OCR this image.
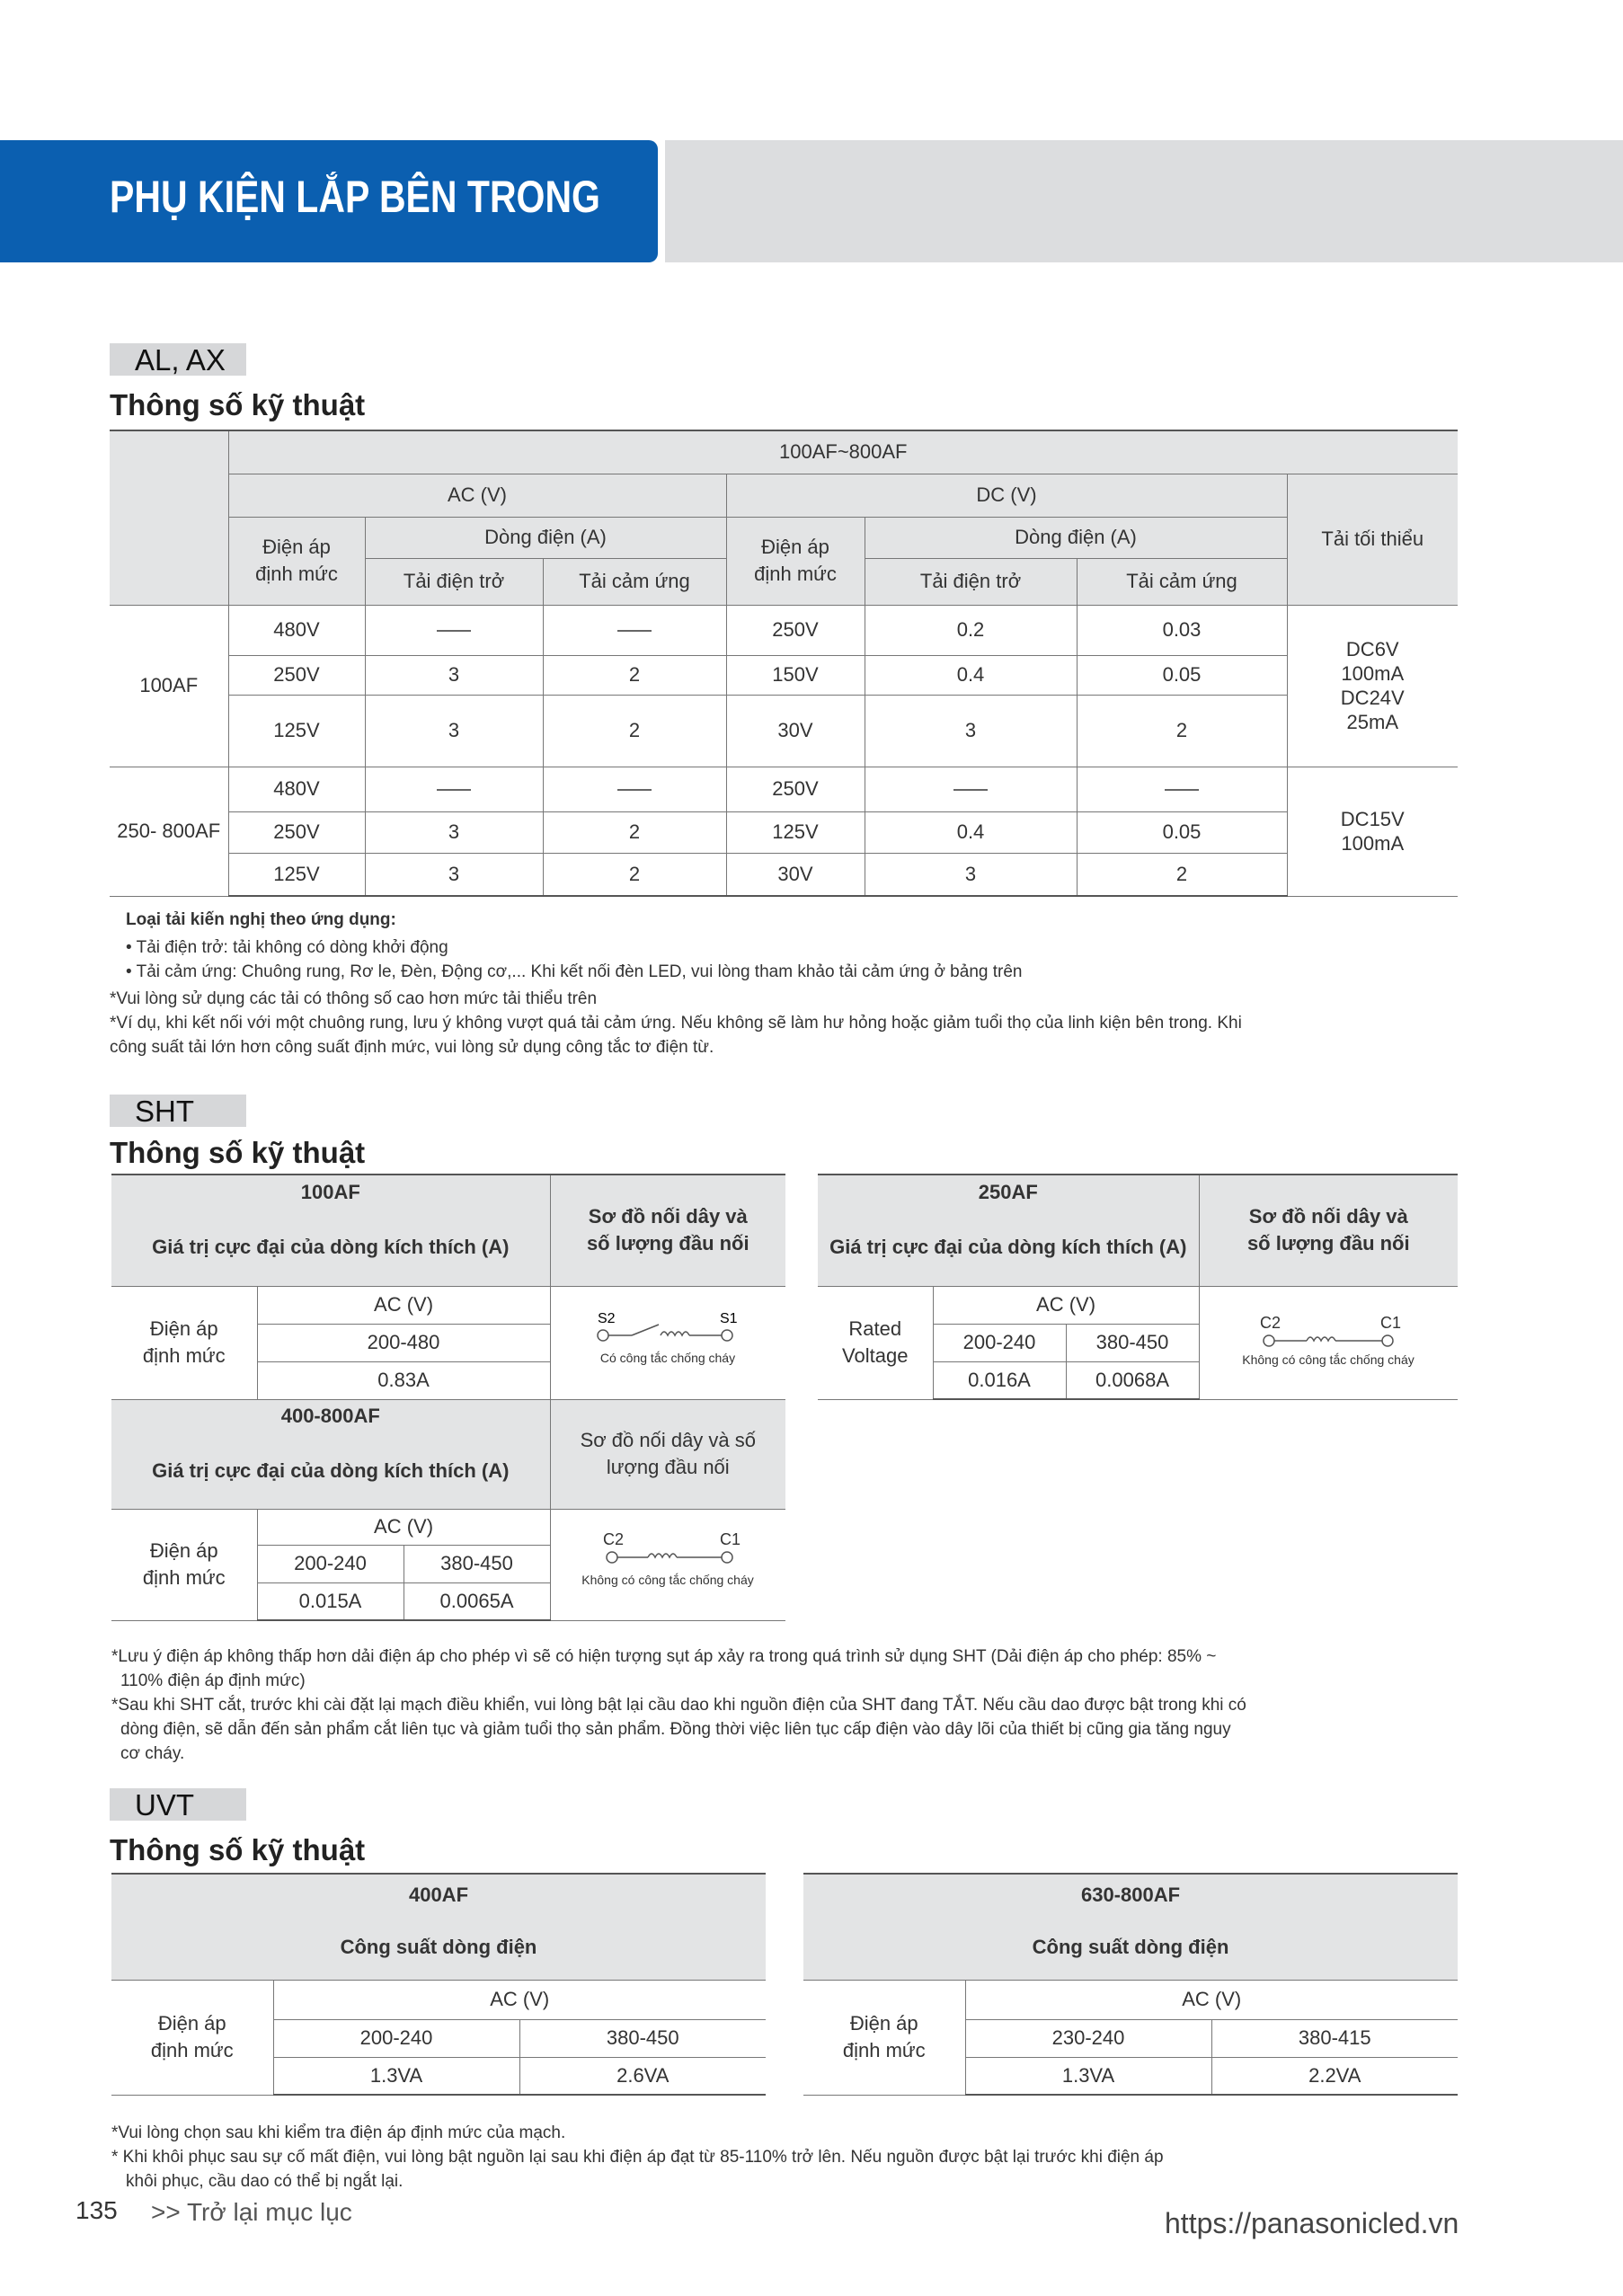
PHỤ KIỆN LẮP BÊN TRONG
AL, AX
Thông số kỹ thuật
	100AF~800AF						
	AC (V)			DC (V)			Tải tối thiểu
	Điện áp định mức	Dòng điện (A)		Điện áp định mức	Dòng điện (A)		
		Tải điện trở	Tải cảm ứng		Tải điện trở	Tải cảm ứng	
100AF	480V			250V	0.2	0.03	DC6V 100mA DC24V 25mA
	250V	3	2	150V	0.4	0.05	
	125V	3	2	30V	3	2	
250- 800AF	480V			250V			DC15V 100mA
	250V	3	2	125V	0.4	0.05	
	125V	3	2	30V	3	2	
Loại tải kiến nghị theo ứng dụng:
• Tải điện trở: tải không có dòng khởi động
• Tải cảm ứng: Chuông rung, Rơ le, Đèn, Động cơ,... Khi kết nối đèn LED, vui lòng tham khảo tải cảm ứng ở bảng trên
*Vui lòng sử dụng các tải có thông số cao hơn mức tải thiểu trên
*Ví dụ, khi kết nối với một chuông rung, lưu ý không vượt quá tải cảm ứng. Nếu không sẽ làm hư hỏng hoặc giảm tuổi thọ của linh kiện bên trong. Khi
công suất tải lớn hơn công suất định mức, vui lòng sử dụng công tắc tơ điện từ.
SHT
Thông số kỹ thuật
100AF			Sơ đồ nối dây và số lượng đầu nối
Giá trị cực đại của dòng kích thích (A)			
Điện áp định mức	AC (V)		S2 S1
Có công tắc chống cháy

	200-480		
	0.83A		
400-800AF			Sơ đồ nối dây và số lượng đầu nối
Giá trị cực đại của dòng kích thích (A)			
Điện áp định mức	AC (V)		C2 C1
Không có công tắc chống cháy

	200-240	380-450	
	0.015A	0.0065A	
250AF			Sơ đồ nối dây và số lượng đầu nối
Giá trị cực đại của dòng kích thích (A)			
Rated Voltage	AC (V)		C2 C1
Không có công tắc chống cháy

	200-240	380-450	
	0.016A	0.0068A	
*Lưu ý điện áp không thấp hơn dải điện áp cho phép vì sẽ có hiện tượng sụt áp xảy ra trong quá trình sử dụng SHT (Dải điện áp cho phép: 85% ~
110% điện áp định mức)
*Sau khi SHT cắt, trước khi cài đặt lại mạch điều khiển, vui lòng bật lại cầu dao khi nguồn điện của SHT đang TẮT. Nếu cầu dao được bật trong khi có
dòng điện, sẽ dẫn đến sản phẩm cắt liên tục và giảm tuổi thọ sản phẩm. Đồng thời việc liên tục cấp điện vào dây lõi của thiết bị cũng gia tăng nguy
cơ cháy.
UVT
Thông số kỹ thuật
400AF		
Công suất dòng điện		
Điện áp định mức	AC (V)	
	200-240	380-450
	1.3VA	2.6VA
630-800AF		
Công suất dòng điện		
Điện áp định mức	AC (V)	
	230-240	380-415
	1.3VA	2.2VA
*Vui lòng chọn sau khi kiểm tra điện áp định mức của mạch.
* Khi khôi phục sau sự cố mất điện, vui lòng bật nguồn lại sau khi điện áp đạt từ 85-110% trở lên. Nếu nguồn được bật lại trước khi điện áp
khôi phục, cầu dao có thể bị ngắt lại.
135 >> Trở lại mục lục	https://panasonicled.vn
